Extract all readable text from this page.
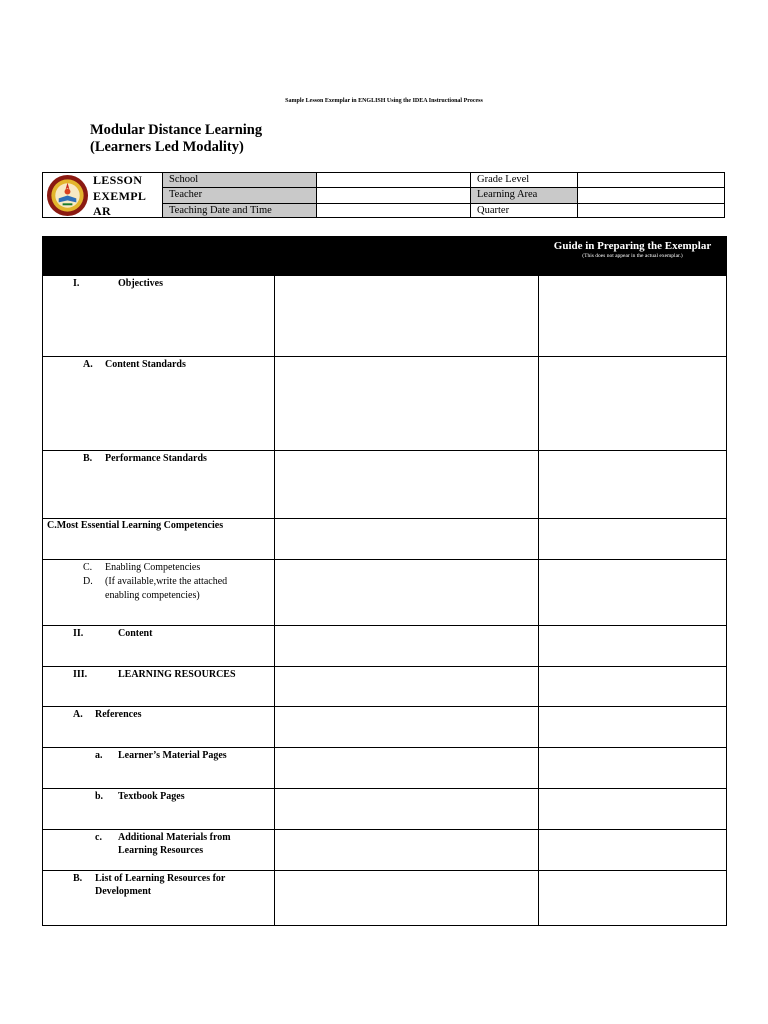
Sample Lesson Exemplar in ENGLISH Using the IDEA Instructional Process
Modular Distance Learning
(Learners Led Modality)
LESSON
EXEMPL
AR
School	Grade Level
Teacher	Learning Area
Teaching Date and Time	Quarter

		Guide in Preparing the Exemplar
(This does not appear in the actual exemplar.)

I. Objectives		

A. Content Standards		

B. Performance Standards		

C.Most Essential Learning Competencies		

C. Enabling Competencies
D. (If available,write the attached
enabling competencies)		

II. Content		

III. LEARNING RESOURCES		

A. References		

a. Learner’s Material Pages		

b. Textbook Pages		

c. Additional Materials from
Learning Resources		

B. List of Learning Resources for
Development		
